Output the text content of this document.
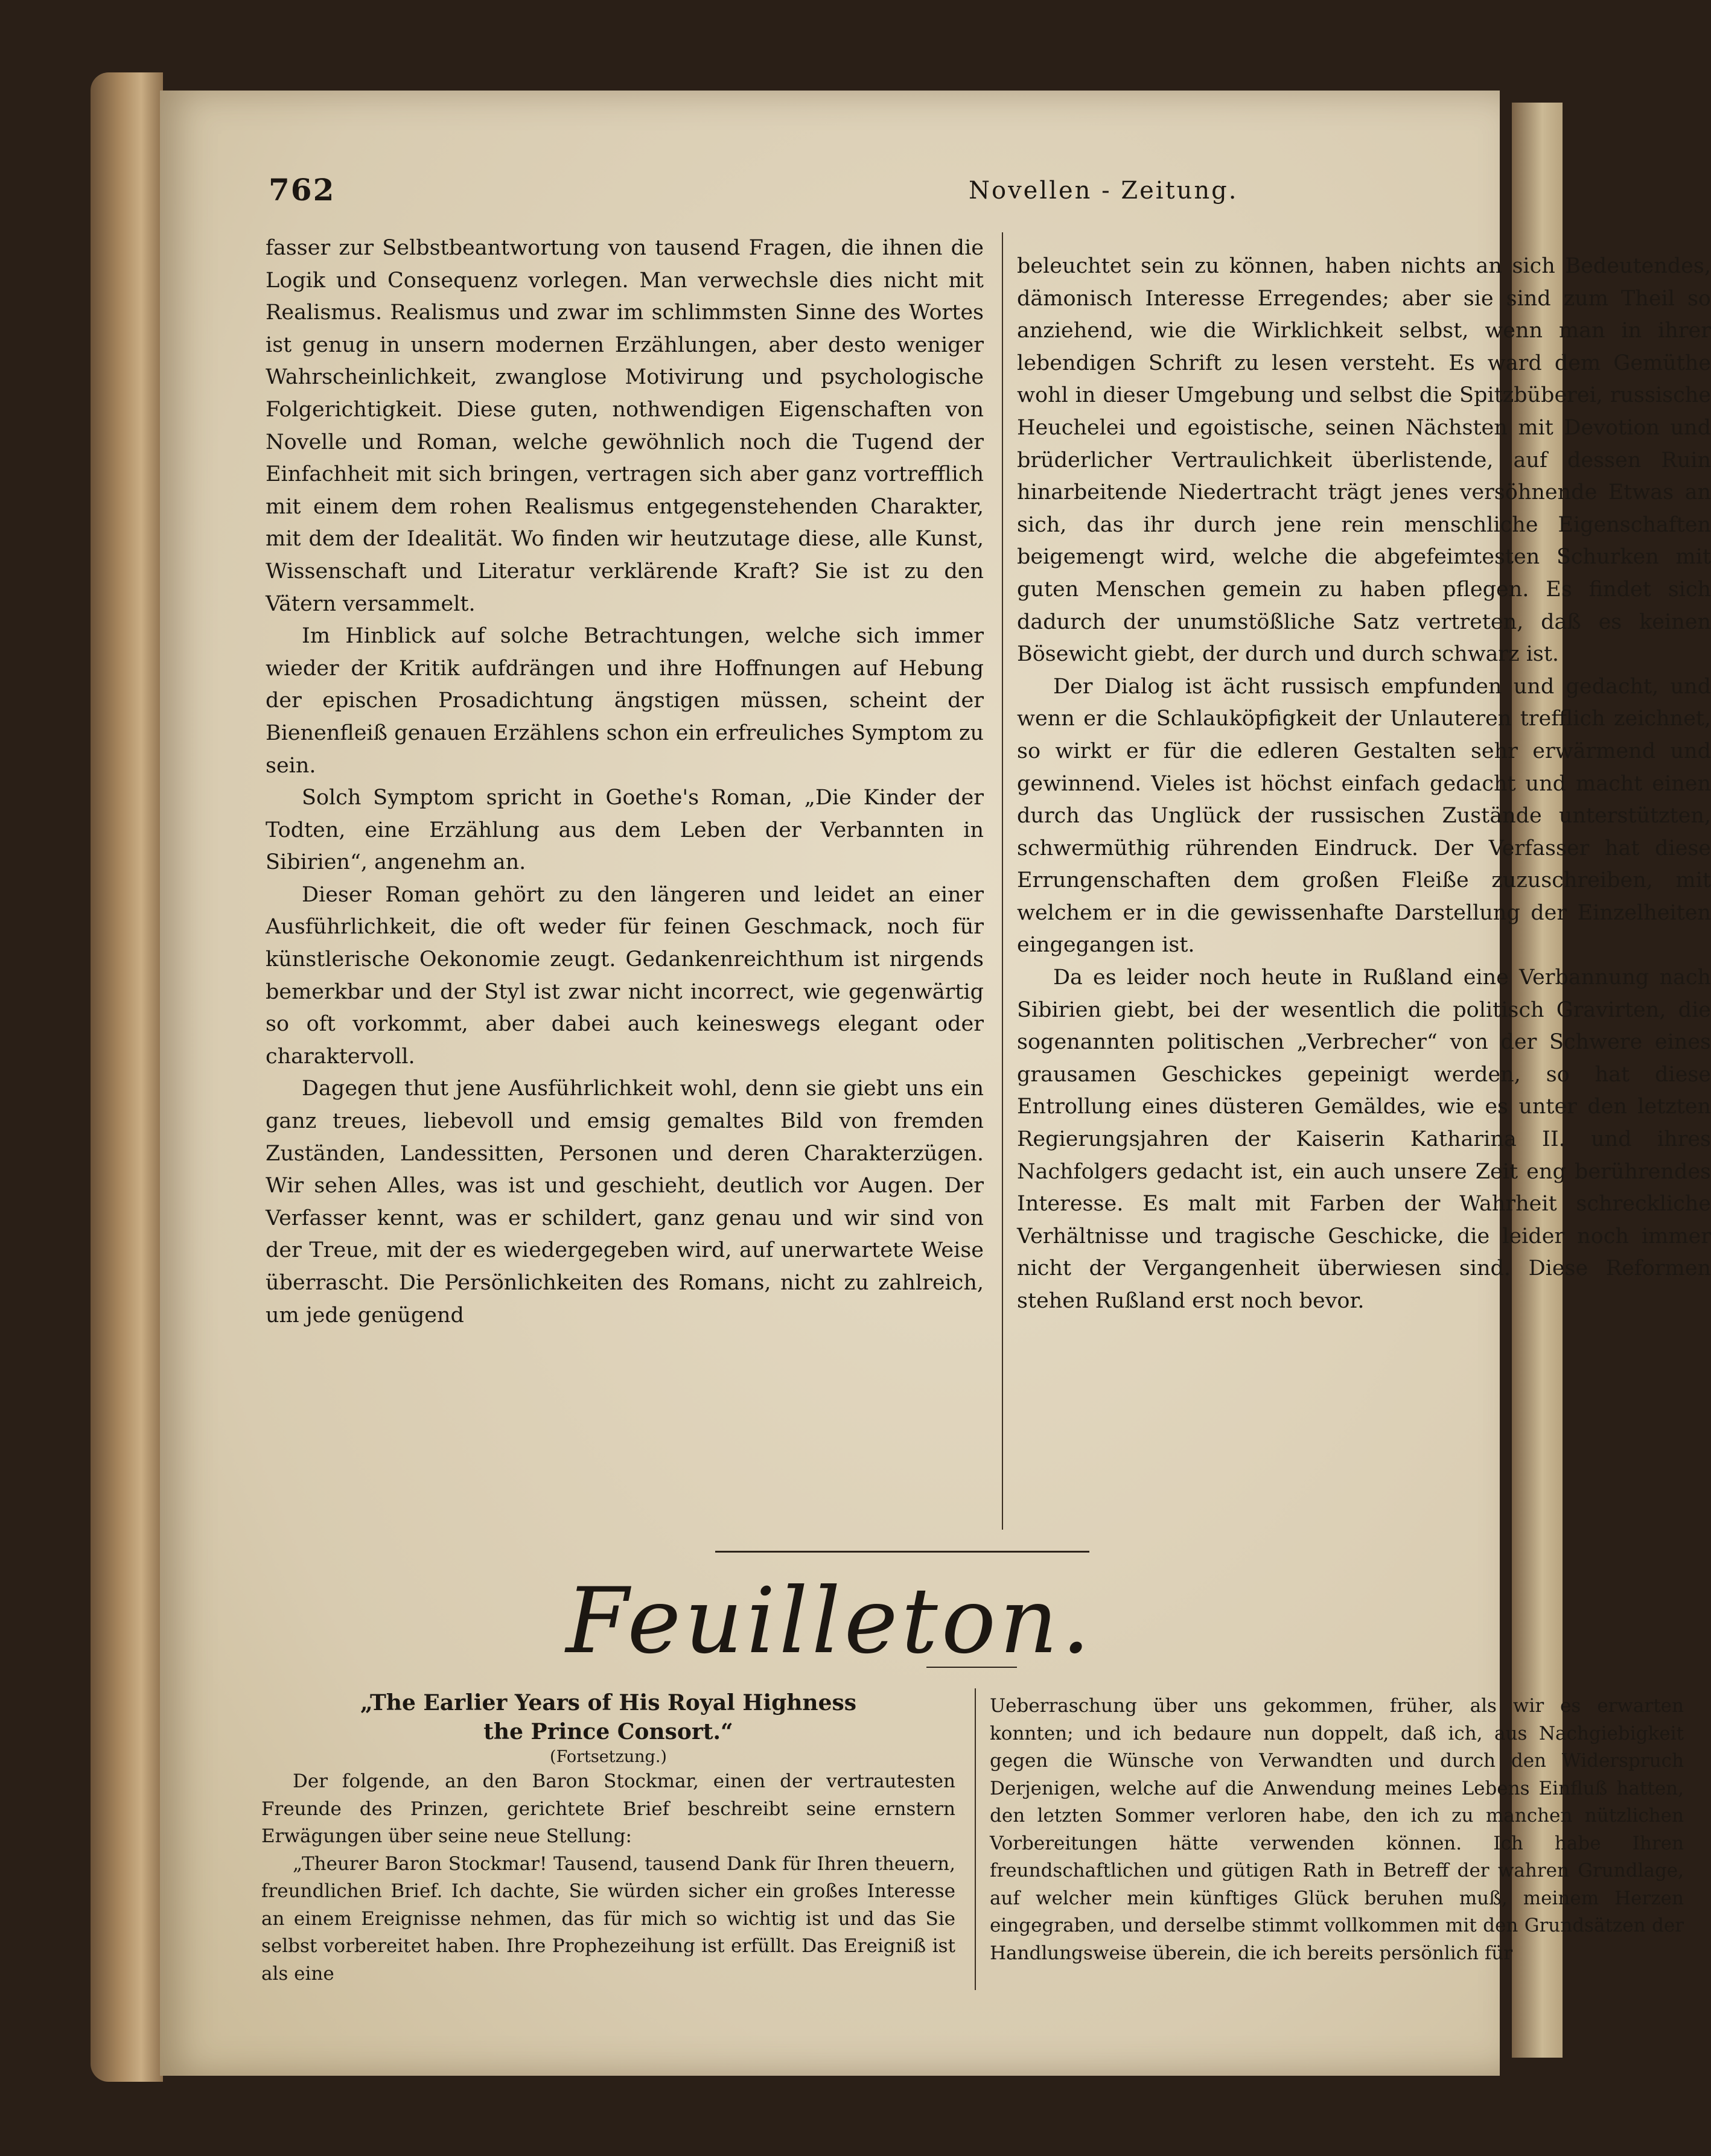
762	Novellen - Zeitung.

fasser zur Selbstbeantwortung von tausend Fragen, die ihnen die Logik und Consequenz vorlegen. Man verwechsle dies nicht mit Realismus. Realismus und zwar im schlimmsten Sinne des Wortes ist genug in unsern modernen Erzählungen, aber desto weniger Wahrscheinlichkeit, zwanglose Motivirung und psychologische Folgerichtigkeit. Diese guten, nothwendigen Eigenschaften von Novelle und Roman, welche gewöhnlich noch die Tugend der Einfachheit mit sich bringen, vertragen sich aber ganz vortrefflich mit einem dem rohen Realismus entgegenstehenden Charakter, mit dem der Idealität. Wo finden wir heutzutage diese, alle Kunst, Wissenschaft und Literatur verklärende Kraft? Sie ist zu den Vätern versammelt.

Im Hinblick auf solche Betrachtungen, welche sich immer wieder der Kritik aufdrängen und ihre Hoffnungen auf Hebung der epischen Prosadichtung ängstigen müssen, scheint der Bienenfleiß genauen Erzählens schon ein erfreuliches Symptom zu sein.

Solch Symptom spricht in Goethe's Roman, „Die Kinder der Todten, eine Erzählung aus dem Leben der Verbannten in Sibirien“, angenehm an.

Dieser Roman gehört zu den längeren und leidet an einer Ausführlichkeit, die oft weder für feinen Geschmack, noch für künstlerische Oekonomie zeugt. Gedankenreichthum ist nirgends bemerkbar und der Styl ist zwar nicht incorrect, wie gegenwärtig so oft vorkommt, aber dabei auch keineswegs elegant oder charaktervoll.

Dagegen thut jene Ausführlichkeit wohl, denn sie giebt uns ein ganz treues, liebevoll und emsig gemaltes Bild von fremden Zuständen, Landessitten, Personen und deren Charakterzügen. Wir sehen Alles, was ist und geschieht, deutlich vor Augen. Der Verfasser kennt, was er schildert, ganz genau und wir sind von der Treue, mit der es wiedergegeben wird, auf unerwartete Weise überrascht. Die Persönlichkeiten des Romans, nicht zu zahlreich, um jede genügend

beleuchtet sein zu können, haben nichts an sich Bedeutendes, dämonisch Interesse Erregendes; aber sie sind zum Theil so anziehend, wie die Wirklichkeit selbst, wenn man in ihrer lebendigen Schrift zu lesen versteht. Es ward dem Gemüthe wohl in dieser Umgebung und selbst die Spitzbüberei, russische Heuchelei und egoistische, seinen Nächsten mit Devotion und brüderlicher Vertraulichkeit überlistende, auf dessen Ruin hinarbeitende Niedertracht trägt jenes versöhnende Etwas an sich, das ihr durch jene rein menschliche Eigenschaften beigemengt wird, welche die abgefeimtesten Schurken mit guten Menschen gemein zu haben pflegen. Es findet sich dadurch der unumstößliche Satz vertreten, daß es keinen Bösewicht giebt, der durch und durch schwarz ist.

Der Dialog ist ächt russisch empfunden und gedacht, und wenn er die Schlauköpfigkeit der Unlauteren trefflich zeichnet, so wirkt er für die edleren Gestalten sehr erwärmend und gewinnend. Vieles ist höchst einfach gedacht und macht einen durch das Unglück der russischen Zustände unterstützten, schwermüthig rührenden Eindruck. Der Verfasser hat diese Errungenschaften dem großen Fleiße zuzuschreiben, mit welchem er in die gewissenhafte Darstellung der Einzelheiten eingegangen ist.

Da es leider noch heute in Rußland eine Verbannung nach Sibirien giebt, bei der wesentlich die politisch Gravirten, die sogenannten politischen „Verbrecher“ von der Schwere eines grausamen Geschickes gepeinigt werden, so hat diese Entrollung eines düsteren Gemäldes, wie es unter den letzten Regierungsjahren der Kaiserin Katharina II. und ihres Nachfolgers gedacht ist, ein auch unsere Zeit eng berührendes Interesse. Es malt mit Farben der Wahrheit schreckliche Verhältnisse und tragische Geschicke, die leider noch immer nicht der Vergangenheit überwiesen sind. Diese Reformen stehen Rußland erst noch bevor.

Feuilleton.
„The Earlier Years of His Royal Highness
the Prince Consort.“
(Fortsetzung.)

Der folgende, an den Baron Stockmar, einen der vertrautesten Freunde des Prinzen, gerichtete Brief beschreibt seine ernstern Erwägungen über seine neue Stellung:

„Theurer Baron Stockmar! Tausend, tausend Dank für Ihren theuern, freundlichen Brief. Ich dachte, Sie würden sicher ein großes Interesse an einem Ereignisse nehmen, das für mich so wichtig ist und das Sie selbst vorbereitet haben. Ihre Prophezeihung ist erfüllt. Das Ereigniß ist als eine

Ueberraschung über uns gekommen, früher, als wir es erwarten konnten; und ich bedaure nun doppelt, daß ich, aus Nachgiebigkeit gegen die Wünsche von Verwandten und durch den Widerspruch Derjenigen, welche auf die Anwendung meines Lebens Einfluß hatten, den letzten Sommer verloren habe, den ich zu manchen nützlichen Vorbereitungen hätte verwenden können. Ich habe Ihren freundschaftlichen und gütigen Rath in Betreff der wahren Grundlage, auf welcher mein künftiges Glück beruhen muß, meinem Herzen eingegraben, und derselbe stimmt vollkommen mit den Grundsätzen der Handlungsweise überein, die ich bereits persönlich für
